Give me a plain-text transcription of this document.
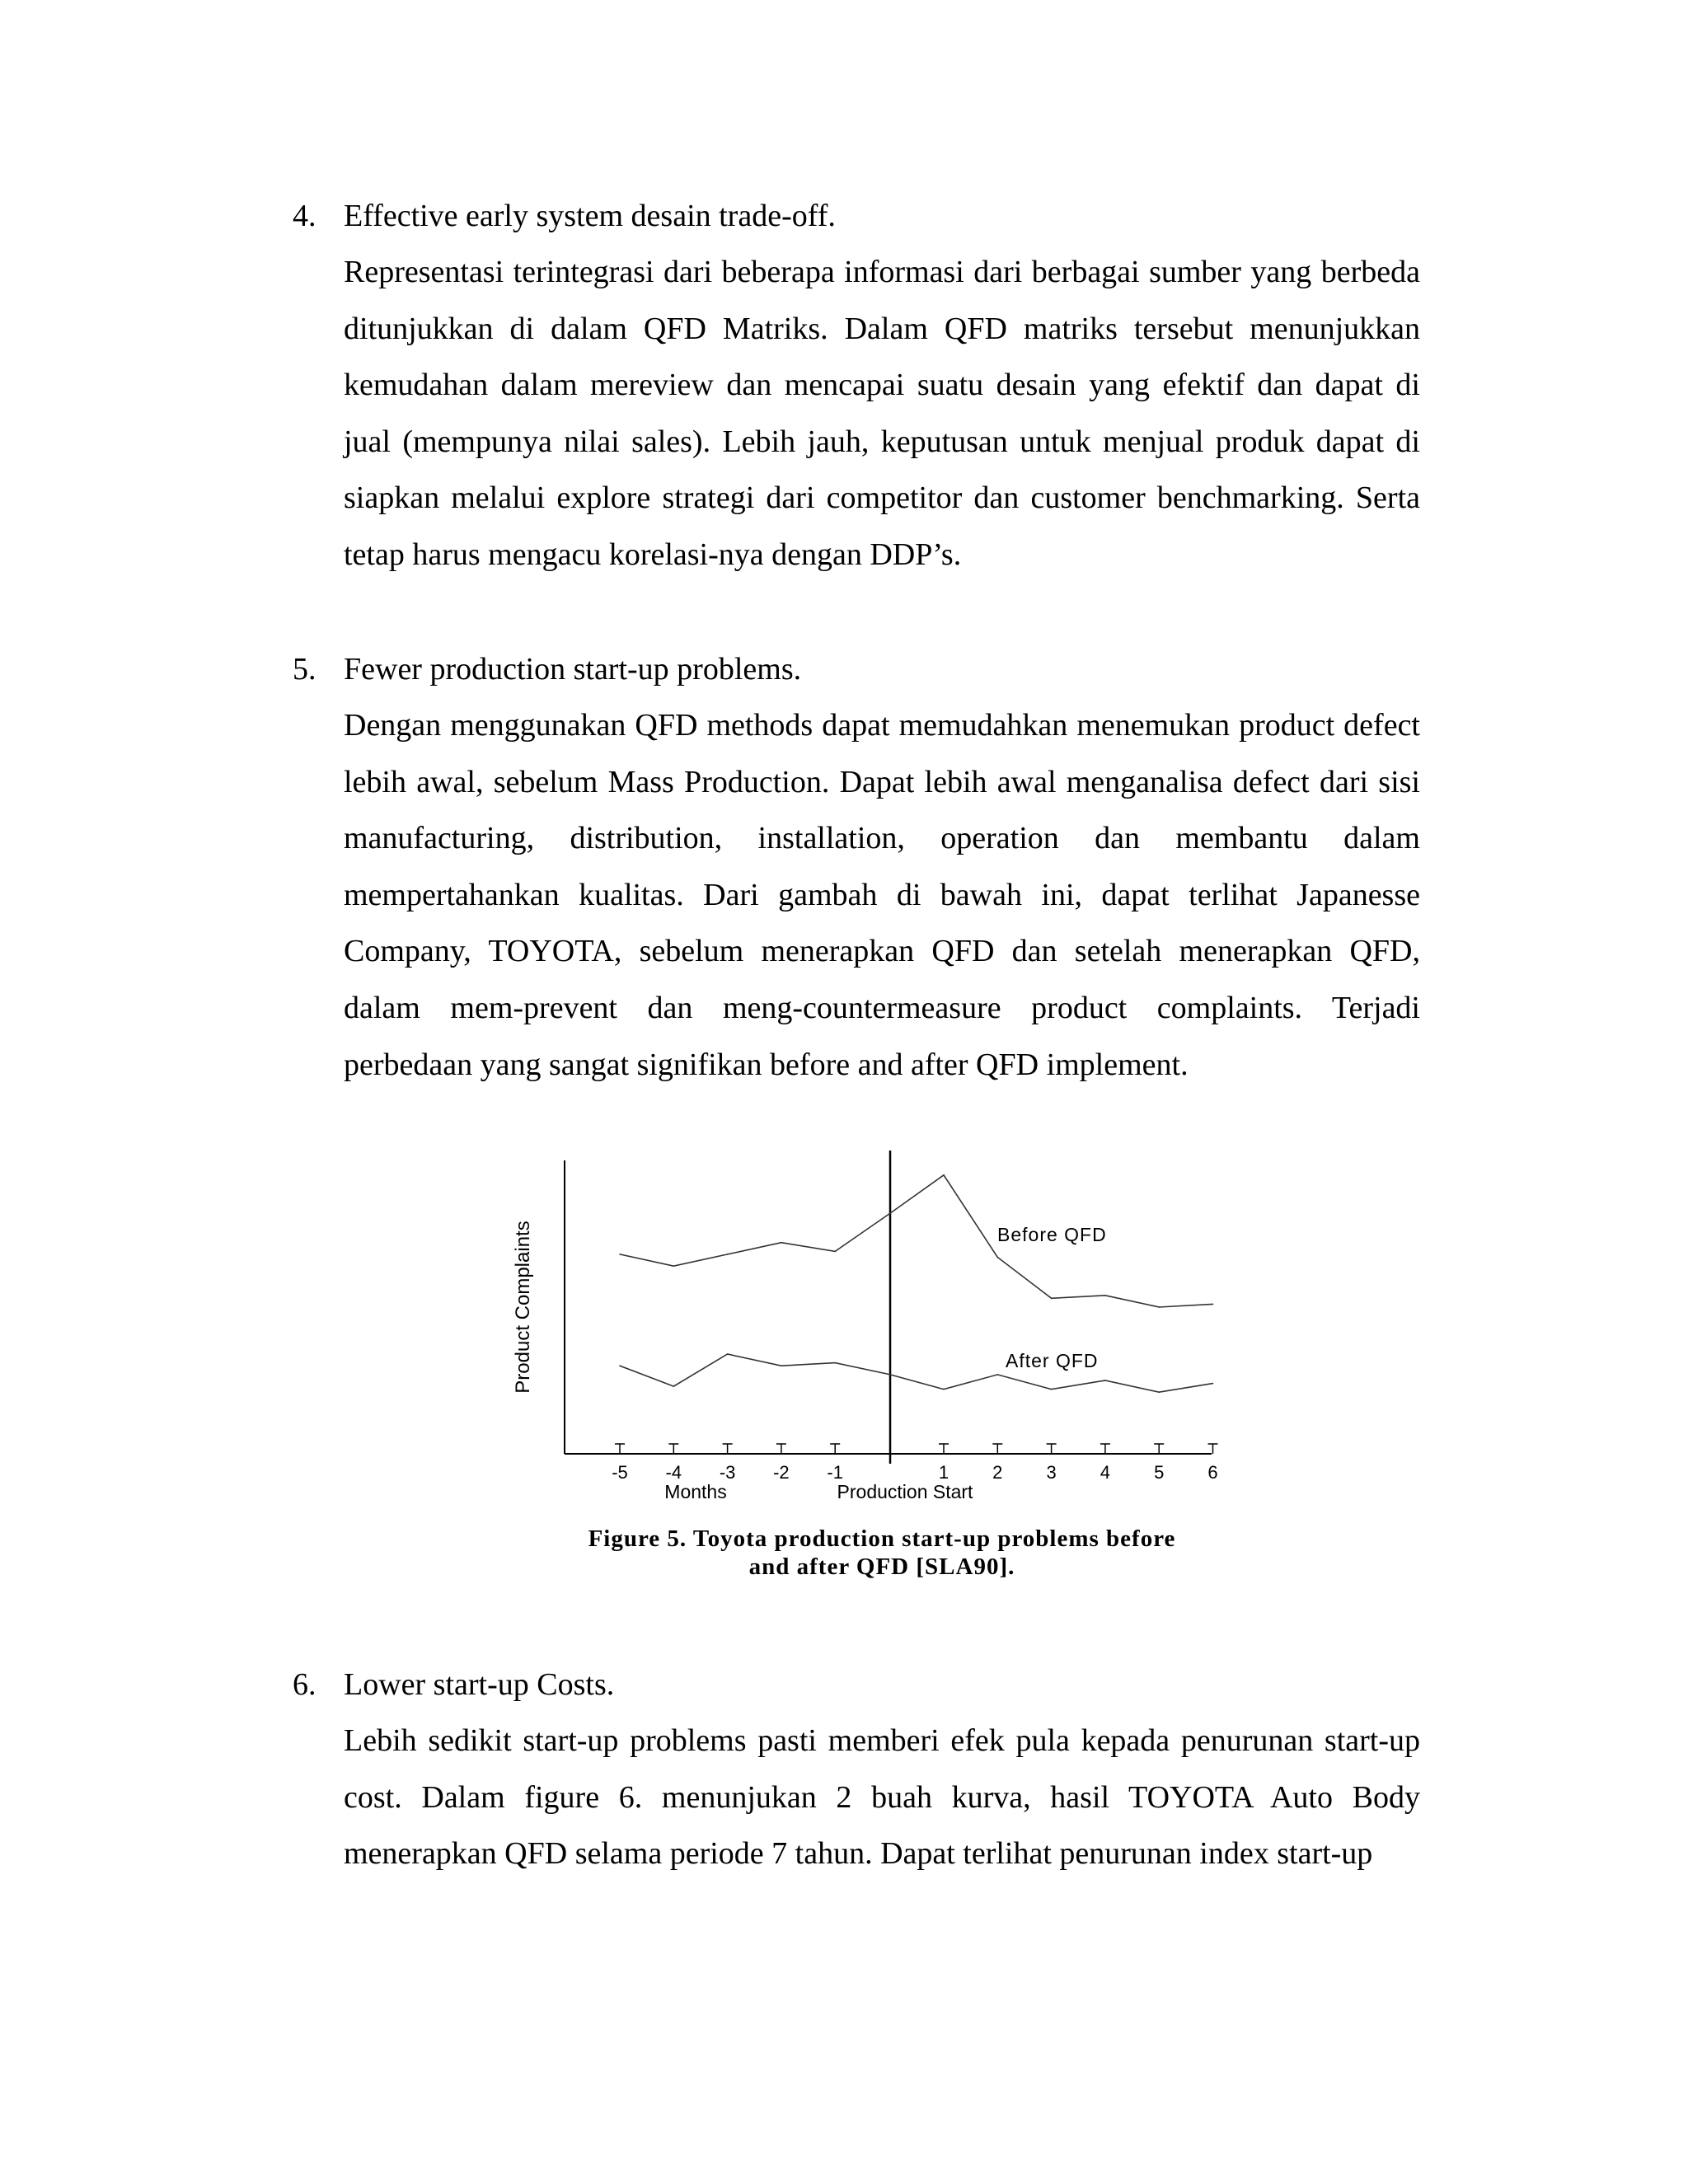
4. Effective early system desain trade-off.
Representasi terintegrasi dari beberapa informasi dari berbagai sumber yang berbeda ditunjukkan di dalam QFD Matriks. Dalam QFD matriks tersebut menunjukkan kemudahan dalam mereview dan mencapai suatu desain yang efektif dan dapat di jual (mempunya nilai sales). Lebih jauh, keputusan untuk menjual produk dapat di siapkan melalui explore strategi dari competitor dan customer benchmarking. Serta tetap harus mengacu korelasi-nya dengan DDP’s.
5. Fewer production start-up problems.
Dengan menggunakan QFD methods dapat memudahkan menemukan product defect lebih awal, sebelum Mass Production. Dapat lebih awal menganalisa defect dari sisi manufacturing, distribution, installation, operation dan membantu dalam mempertahankan kualitas. Dari gambah di bawah ini, dapat terlihat Japanesse Company, TOYOTA, sebelum menerapkan QFD dan setelah menerapkan QFD, dalam mem-prevent dan meng-countermeasure product complaints. Terjadi perbedaan yang sangat signifikan before and after QFD implement.
-5 -4 -3 -2 -1	1 2 3 4 5 6
Product Complaints
Months	Production Start
Before QFD
After QFD
Figure 5. Toyota production start-up problems before
and after QFD [SLA90].
6. Lower start-up Costs.
Lebih sedikit start-up problems pasti memberi efek pula kepada penurunan start-up cost. Dalam figure 6. menunjukan 2 buah kurva, hasil TOYOTA Auto Body menerapkan QFD selama periode 7 tahun. Dapat terlihat penurunan index start-up
